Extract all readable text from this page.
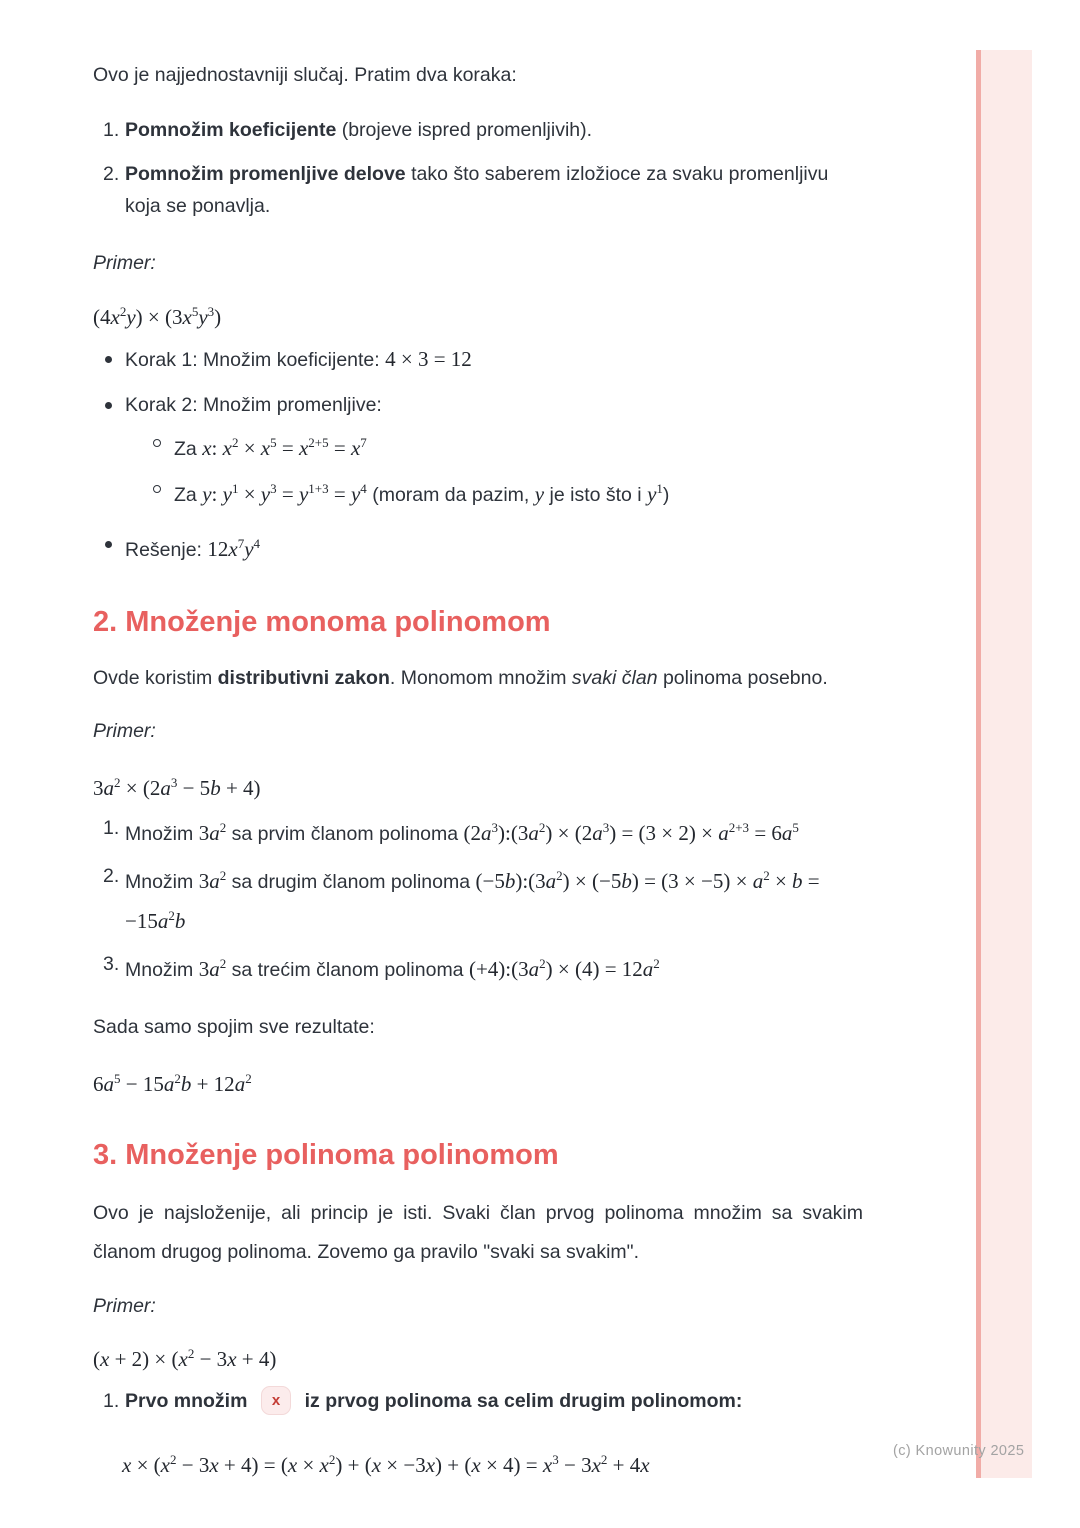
(c) Knowunity 2025

Ovo je najjednostavniji slučaj. Pratim dva koraka:

1. Pomnožim koeficijente (brojeve ispred promenljivih).
2. Pomnožim promenljive delove tako što saberem izložioce za svaku promenljivu koja se ponavlja.

Primer:

$(4x^2y) \times (3x^5y^3)$
Korak 1: Množim koeficijente: 4 × 3 = 12
Korak 2: Množim promenljive:
Za x: $x^2 \times x^5 = x^{2+5} = x^7$
Za y: $y^1 \times y^3 = y^{1+3} = y^4$ (moram da pazim, y je isto što i $y^1$)
Rešenje: $12x^7y^4$
2. Množenje monoma polinomom

Ovde koristim distributivni zakon. Monomom množim svaki član polinoma posebno.

Primer:

$3a^2 \times (2a^3 - 5b + 4)$
1. Množim $3a^2$ sa prvim članom polinoma $(2a^3):(3a^2) \times (2a^3) = (3 \times 2) \times a^{2+3} = 6a^5$
2. Množim $3a^2$ sa drugim članom polinoma $(-5b):(3a^2) \times (-5b) = (3 \times -5) \times a^2 \times b = -15a^2b$
3. Množim $3a^2$ sa trećim članom polinoma $(+4):(3a^2) \times (4) = 12a^2$

Sada samo spojim sve rezultate:

$6a^5 - 15a^2b + 12a^2$
3. Množenje polinoma polinomom

Ovo je najsloženije, ali princip je isti. Svaki član prvog polinoma množim sa svakim članom drugog polinoma. Zovemo ga pravilo "svaki sa svakim".

Primer:

$(x + 2) \times (x^2 - 3x + 4)$
1. Prvo množim x iz prvog polinoma sa celim drugim polinomom:
$x \times (x^2 - 3x + 4) = (x \times x^2) + (x \times -3x) + (x \times 4) = x^3 - 3x^2 + 4x$
